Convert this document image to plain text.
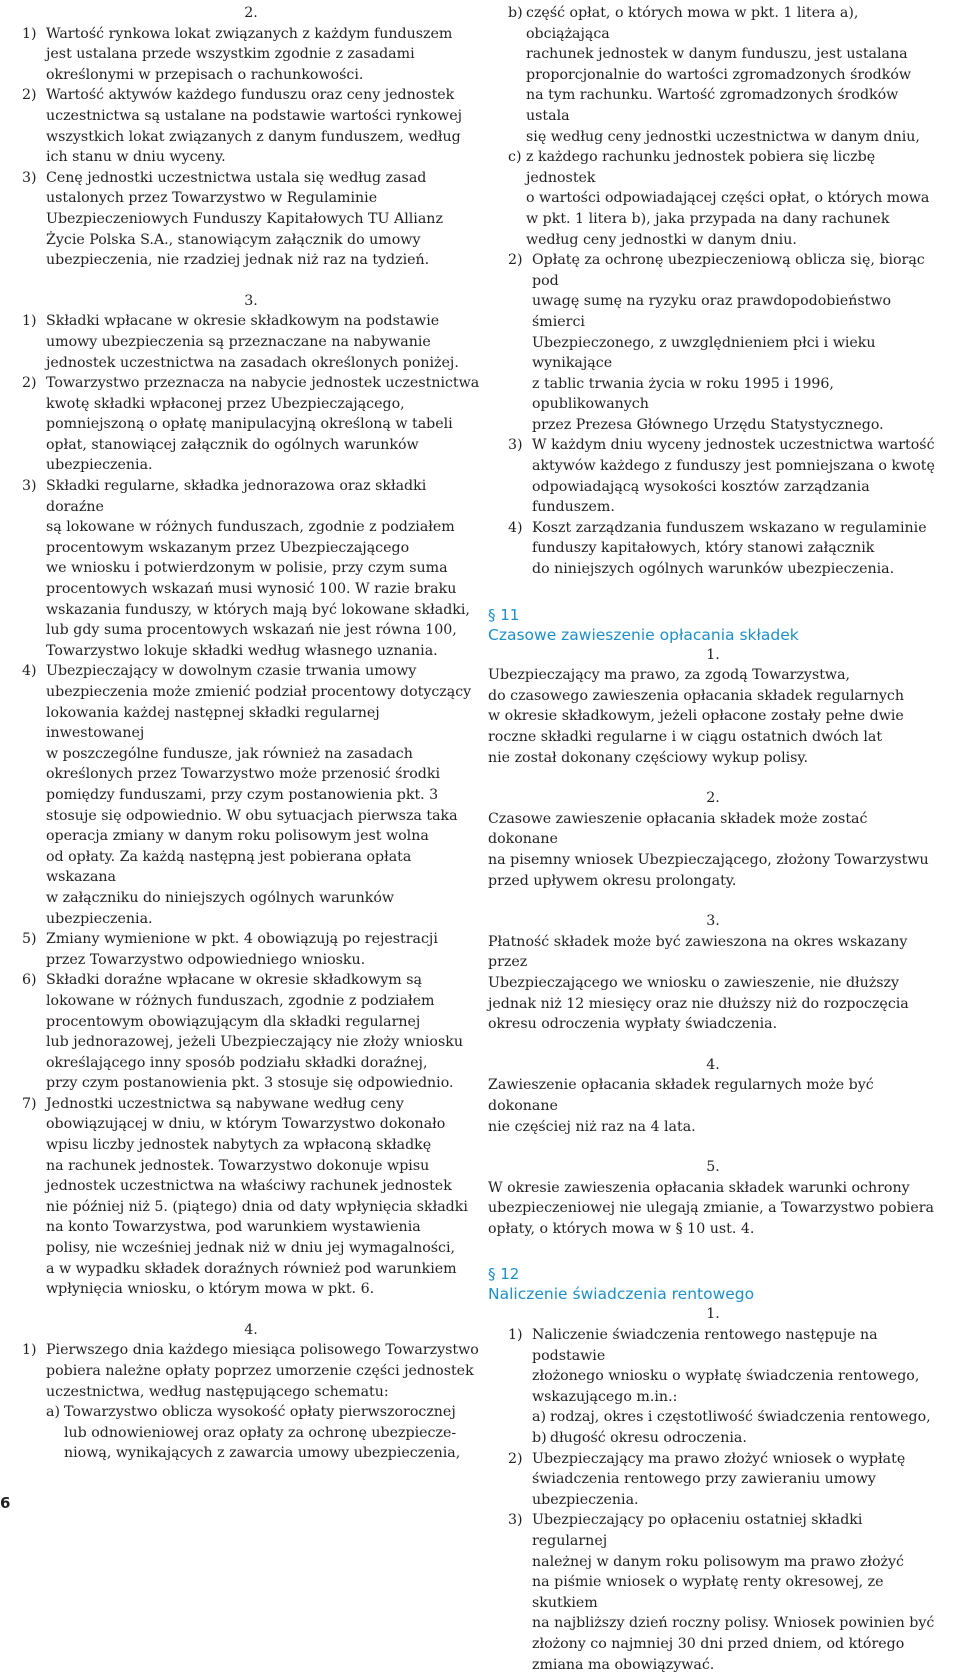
2.

1) Wartość rynkowa lokat związanych z każdym funduszem
jest ustalana przede wszystkim zgodnie z zasadami
określonymi w przepisach o rachunkowości.
2) Wartość aktywów każdego funduszu oraz ceny jednostek
uczestnictwa są ustalane na podstawie wartości rynkowej
wszystkich lokat związanych z danym funduszem, według
ich stanu w dniu wyceny.
3) Cenę jednostki uczestnictwa ustala się według zasad
ustalonych przez Towarzystwo w Regulaminie
Ubezpieczeniowych Funduszy Kapitałowych TU Allianz
Życie Polska S.A., stanowiącym załącznik do umowy
ubezpieczenia, nie rzadziej jednak niż raz na tydzień.

3.

1) Składki wpłacane w okresie składkowym na podstawie
umowy ubezpieczenia są przeznaczane na nabywanie
jednostek uczestnictwa na zasadach określonych poniżej.
2) Towarzystwo przeznacza na nabycie jednostek uczestnictwa
kwotę składki wpłaconej przez Ubezpieczającego,
pomniejszoną o opłatę manipulacyjną określoną w tabeli
opłat, stanowiącej załącznik do ogólnych warunków
ubezpieczenia.
3) Składki regularne, składka jednorazowa oraz składki doraźne
są lokowane w różnych funduszach, zgodnie z podziałem
procentowym wskazanym przez Ubezpieczającego
we wniosku i potwierdzonym w polisie, przy czym suma
procentowych wskazań musi wynosić 100. W razie braku
wskazania funduszy, w których mają być lokowane składki,
lub gdy suma procentowych wskazań nie jest równa 100,
Towarzystwo lokuje składki według własnego uznania.
4) Ubezpieczający w dowolnym czasie trwania umowy
ubezpieczenia może zmienić podział procentowy dotyczący
lokowania każdej następnej składki regularnej inwestowanej
w poszczególne fundusze, jak również na zasadach
określonych przez Towarzystwo może przenosić środki
pomiędzy funduszami, przy czym postanowienia pkt. 3
stosuje się odpowiednio. W obu sytuacjach pierwsza taka
operacja zmiany w danym roku polisowym jest wolna
od opłaty. Za każdą następną jest pobierana opłata wskazana
w załączniku do niniejszych ogólnych warunków
ubezpieczenia.
5) Zmiany wymienione w pkt. 4 obowiązują po rejestracji
przez Towarzystwo odpowiedniego wniosku.
6) Składki doraźne wpłacane w okresie składkowym są
lokowane w różnych funduszach, zgodnie z podziałem
procentowym obowiązującym dla składki regularnej
lub jednorazowej, jeżeli Ubezpieczający nie złoży wniosku
określającego inny sposób podziału składki doraźnej,
przy czym postanowienia pkt. 3 stosuje się odpowiednio.
7) Jednostki uczestnictwa są nabywane według ceny
obowiązującej w dniu, w którym Towarzystwo dokonało
wpisu liczby jednostek nabytych za wpłaconą składkę
na rachunek jednostek. Towarzystwo dokonuje wpisu
jednostek uczestnictwa na właściwy rachunek jednostek
nie później niż 5. (piątego) dnia od daty wpłynięcia składki
na konto Towarzystwa, pod warunkiem wystawienia
polisy, nie wcześniej jednak niż w dniu jej wymagalności,
a w wypadku składek doraźnych również pod warunkiem
wpłynięcia wniosku, o którym mowa w pkt. 6.

4.

1) Pierwszego dnia każdego miesiąca polisowego Towarzystwo
pobiera należne opłaty poprzez umorzenie części jednostek
uczestnictwa, według następującego schematu:
a) Towarzystwo oblicza wysokość opłaty pierwszorocznej
lub odnowieniowej oraz opłaty za ochronę ubezpiecze-
niową, wynikających z zawarcia umowy ubezpieczenia,
b) część opłat, o których mowa w pkt. 1 litera a), obciążająca
rachunek jednostek w danym funduszu, jest ustalana
proporcjonalnie do wartości zgromadzonych środków
na tym rachunku. Wartość zgromadzonych środków ustala
się według ceny jednostki uczestnictwa w danym dniu,
c) z każdego rachunku jednostek pobiera się liczbę jednostek
o wartości odpowiadającej części opłat, o których mowa
w pkt. 1 litera b), jaka przypada na dany rachunek
według ceny jednostki w danym dniu.
2) Opłatę za ochronę ubezpieczeniową oblicza się, biorąc pod
uwagę sumę na ryzyku oraz prawdopodobieństwo śmierci
Ubezpieczonego, z uwzględnieniem płci i wieku wynikające
z tablic trwania życia w roku 1995 i 1996, opublikowanych
przez Prezesa Głównego Urzędu Statystycznego.
3) W każdym dniu wyceny jednostek uczestnictwa wartość
aktywów każdego z funduszy jest pomniejszana o kwotę
odpowiadającą wysokości kosztów zarządzania funduszem.
4) Koszt zarządzania funduszem wskazano w regulaminie
funduszy kapitałowych, który stanowi załącznik
do niniejszych ogólnych warunków ubezpieczenia.
§ 11
Czasowe zawieszenie opłacania składek

1.

Ubezpieczający ma prawo, za zgodą Towarzystwa,
do czasowego zawieszenia opłacania składek regularnych
w okresie składkowym, jeżeli opłacone zostały pełne dwie
roczne składki regularne i w ciągu ostatnich dwóch lat
nie został dokonany częściowy wykup polisy.

2.

Czasowe zawieszenie opłacania składek może zostać dokonane
na pisemny wniosek Ubezpieczającego, złożony Towarzystwu
przed upływem okresu prolongaty.

3.

Płatność składek może być zawieszona na okres wskazany przez
Ubezpieczającego we wniosku o zawieszenie, nie dłuższy
jednak niż 12 miesięcy oraz nie dłuższy niż do rozpoczęcia
okresu odroczenia wypłaty świadczenia.

4.

Zawieszenie opłacania składek regularnych może być dokonane
nie częściej niż raz na 4 lata.

5.

W okresie zawieszenia opłacania składek warunki ochrony
ubezpieczeniowej nie ulegają zmianie, a Towarzystwo pobiera
opłaty, o których mowa w § 10 ust. 4.

§ 12
Naliczenie świadczenia rentowego

1.

1) Naliczenie świadczenia rentowego następuje na podstawie
złożonego wniosku o wypłatę świadczenia rentowego,
wskazującego m.in.:
a) rodzaj, okres i częstotliwość świadczenia rentowego,
b) długość okresu odroczenia.
2) Ubezpieczający ma prawo złożyć wniosek o wypłatę
świadczenia rentowego przy zawieraniu umowy
ubezpieczenia.
3) Ubezpieczający po opłaceniu ostatniej składki regularnej
należnej w danym roku polisowym ma prawo złożyć
na piśmie wniosek o wypłatę renty okresowej, ze skutkiem
na najbliższy dzień roczny polisy. Wniosek powinien być
złożony co najmniej 30 dni przed dniem, od którego
zmiana ma obowiązywać.
6
